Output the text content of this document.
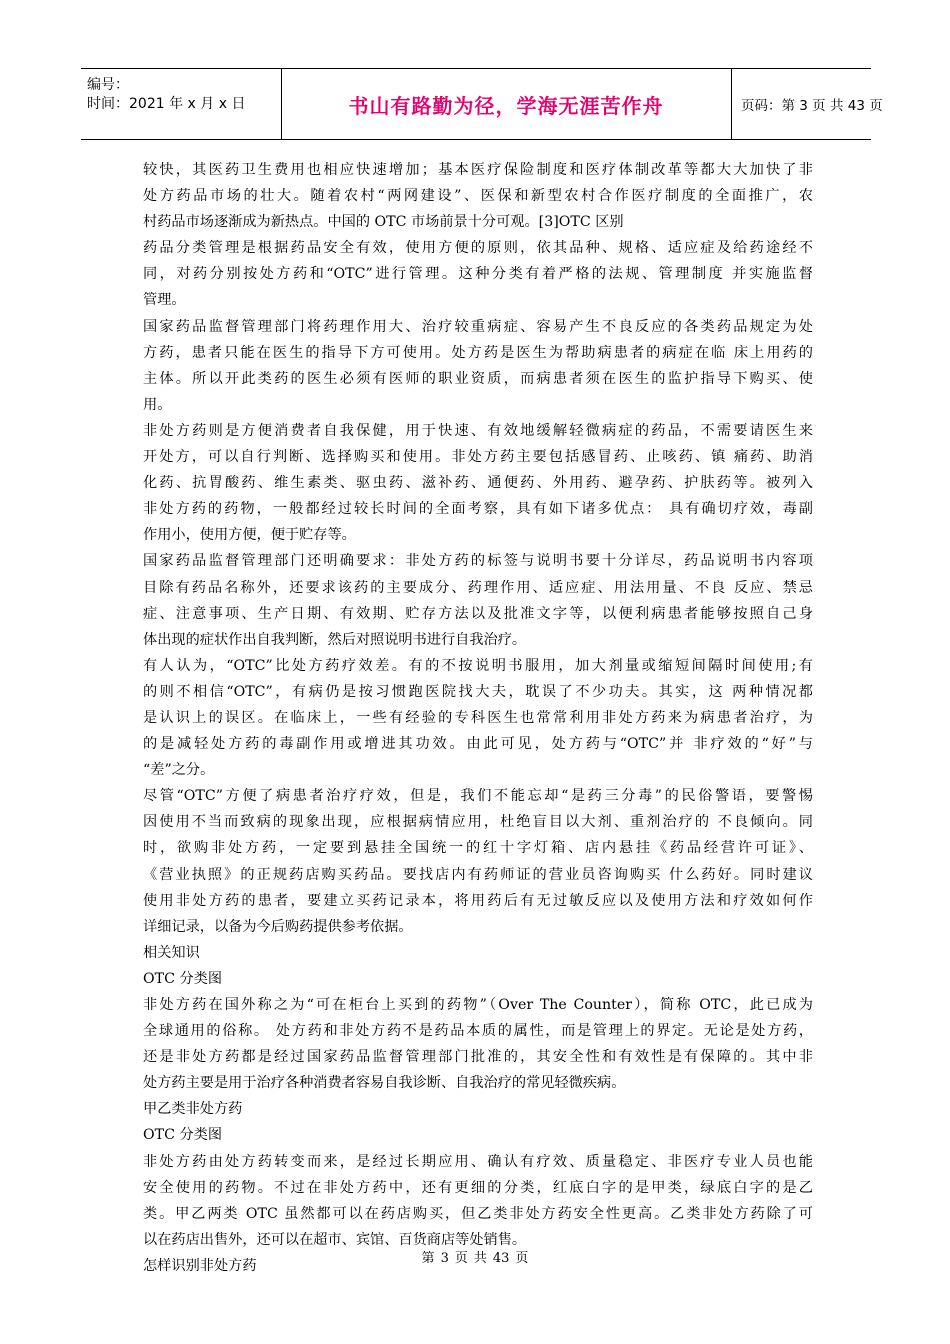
编号：
时间：2021 年 x 月 x 日	书山有路勤为径，学海无涯苦作舟	页码：第 3 页 共 43 页
较快，其医药卫生费用也相应快速增加；基本医疗保险制度和医疗体制改革等都大大加快了非
处方药品市场的壮大。随着农村“两网建设”、医保和新型农村合作医疗制度的全面推广，农
村药品市场逐渐成为新热点。中国的 OTC 市场前景十分可观。[3]OTC 区别
药品分类管理是根据药品安全有效，使用方便的原则，依其品种、规格、适应症及给药途经不
同，对药分别按处方药和“OTC”进行管理。这种分类有着严格的法规、管理制度 并实施监督
管理。
国家药品监督管理部门将药理作用大、治疗较重病症、容易产生不良反应的各类药品规定为处
方药，患者只能在医生的指导下方可使用。处方药是医生为帮助病患者的病症在临 床上用药的
主体。所以开此类药的医生必须有医师的职业资质，而病患者须在医生的监护指导下购买、使
用。
非处方药则是方便消费者自我保健，用于快速、有效地缓解轻微病症的药品，不需要请医生来
开处方，可以自行判断、选择购买和使用。非处方药主要包括感冒药、止咳药、镇 痛药、助消
化药、抗胃酸药、维生素类、驱虫药、滋补药、通便药、外用药、避孕药、护肤药等。被列入
非处方药的药物，一般都经过较长时间的全面考察，具有如下诸多优点： 具有确切疗效，毒副
作用小，使用方便，便于贮存等。
国家药品监督管理部门还明确要求：非处方药的标签与说明书要十分详尽，药品说明书内容项
目除有药品名称外，还要求该药的主要成分、药理作用、适应症、用法用量、不良 反应、禁忌
症、注意事项、生产日期、有效期、贮存方法以及批准文字等，以便利病患者能够按照自己身
体出现的症状作出自我判断，然后对照说明书进行自我治疗。
有人认为，“OTC”比处方药疗效差。有的不按说明书服用，加大剂量或缩短间隔时间使用;有
的则不相信“OTC”，有病仍是按习惯跑医院找大夫，耽误了不少功夫。其实，这 两种情况都
是认识上的误区。在临床上，一些有经验的专科医生也常常利用非处方药来为病患者治疗，为
的是减轻处方药的毒副作用或增进其功效。由此可见，处方药与“OTC”并 非疗效的“好”与
“差”之分。
尽管“OTC”方便了病患者治疗疗效，但是，我们不能忘却“是药三分毒”的民俗警语，要警惕
因使用不当而致病的现象出现，应根据病情应用，杜绝盲目以大剂、重剂治疗的 不良倾向。同
时，欲购非处方药，一定要到悬挂全国统一的红十字灯箱、店内悬挂《药品经营许可证》、
《营业执照》的正规药店购买药品。要找店内有药师证的营业员咨询购买 什么药好。同时建议
使用非处方药的患者，要建立买药记录本，将用药后有无过敏反应以及使用方法和疗效如何作
详细记录，以备为今后购药提供参考依据。
相关知识
OTC 分类图
非处方药在国外称之为“可在柜台上买到的药物”（Over The Counter），简称 OTC，此已成为
全球通用的俗称。 处方药和非处方药不是药品本质的属性，而是管理上的界定。无论是处方药，
还是非处方药都是经过国家药品监督管理部门批准的，其安全性和有效性是有保障的。其中非
处方药主要是用于治疗各种消费者容易自我诊断、自我治疗的常见轻微疾病。
甲乙类非处方药
OTC 分类图
非处方药由处方药转变而来，是经过长期应用、确认有疗效、质量稳定、非医疗专业人员也能
安全使用的药物。不过在非处方药中，还有更细的分类，红底白字的是甲类，绿底白字的是乙
类。甲乙两类 OTC 虽然都可以在药店购买，但乙类非处方药安全性更高。乙类非处方药除了可
以在药店出售外，还可以在超市、宾馆、百货商店等处销售。
怎样识别非处方药	第 3 页 共 43 页
